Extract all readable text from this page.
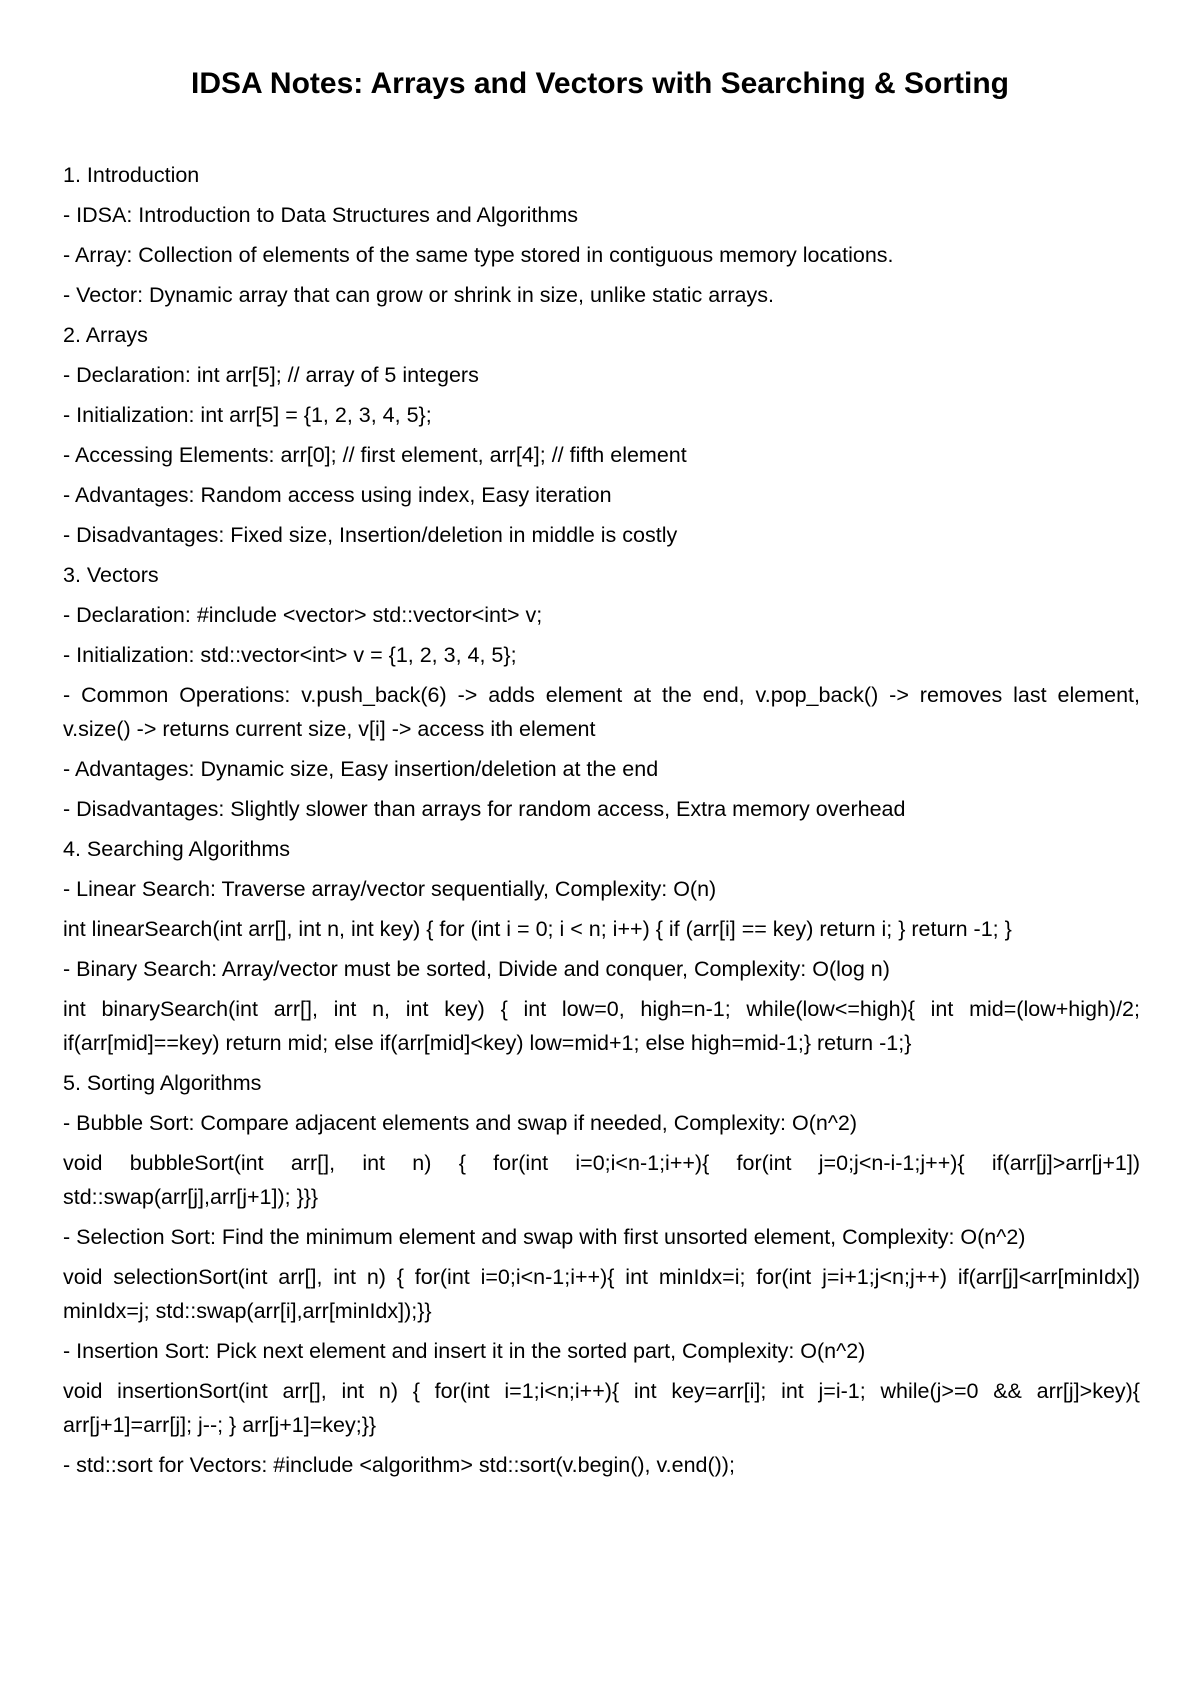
IDSA Notes: Arrays and Vectors with Searching & Sorting

1. Introduction

- IDSA: Introduction to Data Structures and Algorithms

- Array: Collection of elements of the same type stored in contiguous memory locations.

- Vector: Dynamic array that can grow or shrink in size, unlike static arrays.

2. Arrays

- Declaration: int arr[5]; // array of 5 integers

- Initialization: int arr[5] = {1, 2, 3, 4, 5};

- Accessing Elements: arr[0]; // first element, arr[4]; // fifth element

- Advantages: Random access using index, Easy iteration

- Disadvantages: Fixed size, Insertion/deletion in middle is costly

3. Vectors

- Declaration: #include <vector> std::vector<int> v;

- Initialization: std::vector<int> v = {1, 2, 3, 4, 5};

- Common Operations: v.push_back(6) -> adds element at the end, v.pop_back() -> removes last element, v.size() -> returns current size, v[i] -> access ith element

- Advantages: Dynamic size, Easy insertion/deletion at the end

- Disadvantages: Slightly slower than arrays for random access, Extra memory overhead

4. Searching Algorithms

- Linear Search: Traverse array/vector sequentially, Complexity: O(n)

int linearSearch(int arr[], int n, int key) { for (int i = 0; i < n; i++) { if (arr[i] == key) return i; } return -1; }

- Binary Search: Array/vector must be sorted, Divide and conquer, Complexity: O(log n)

int binarySearch(int arr[], int n, int key) { int low=0, high=n-1; while(low<=high){ int mid=(low+high)/2; if(arr[mid]==key) return mid; else if(arr[mid]<key) low=mid+1; else high=mid-1;} return -1;}

5. Sorting Algorithms

- Bubble Sort: Compare adjacent elements and swap if needed, Complexity: O(n^2)

void bubbleSort(int arr[], int n) { for(int i=0;i<n-1;i++){ for(int j=0;j<n-i-1;j++){ if(arr[j]>arr[j+1]) std::swap(arr[j],arr[j+1]); }}}

- Selection Sort: Find the minimum element and swap with first unsorted element, Complexity: O(n^2)

void selectionSort(int arr[], int n) { for(int i=0;i<n-1;i++){ int minIdx=i; for(int j=i+1;j<n;j++) if(arr[j]<arr[minIdx]) minIdx=j; std::swap(arr[i],arr[minIdx]);}}

- Insertion Sort: Pick next element and insert it in the sorted part, Complexity: O(n^2)

void insertionSort(int arr[], int n) { for(int i=1;i<n;i++){ int key=arr[i]; int j=i-1; while(j>=0 && arr[j]>key){ arr[j+1]=arr[j]; j--; } arr[j+1]=key;}}

- std::sort for Vectors: #include <algorithm> std::sort(v.begin(), v.end());
